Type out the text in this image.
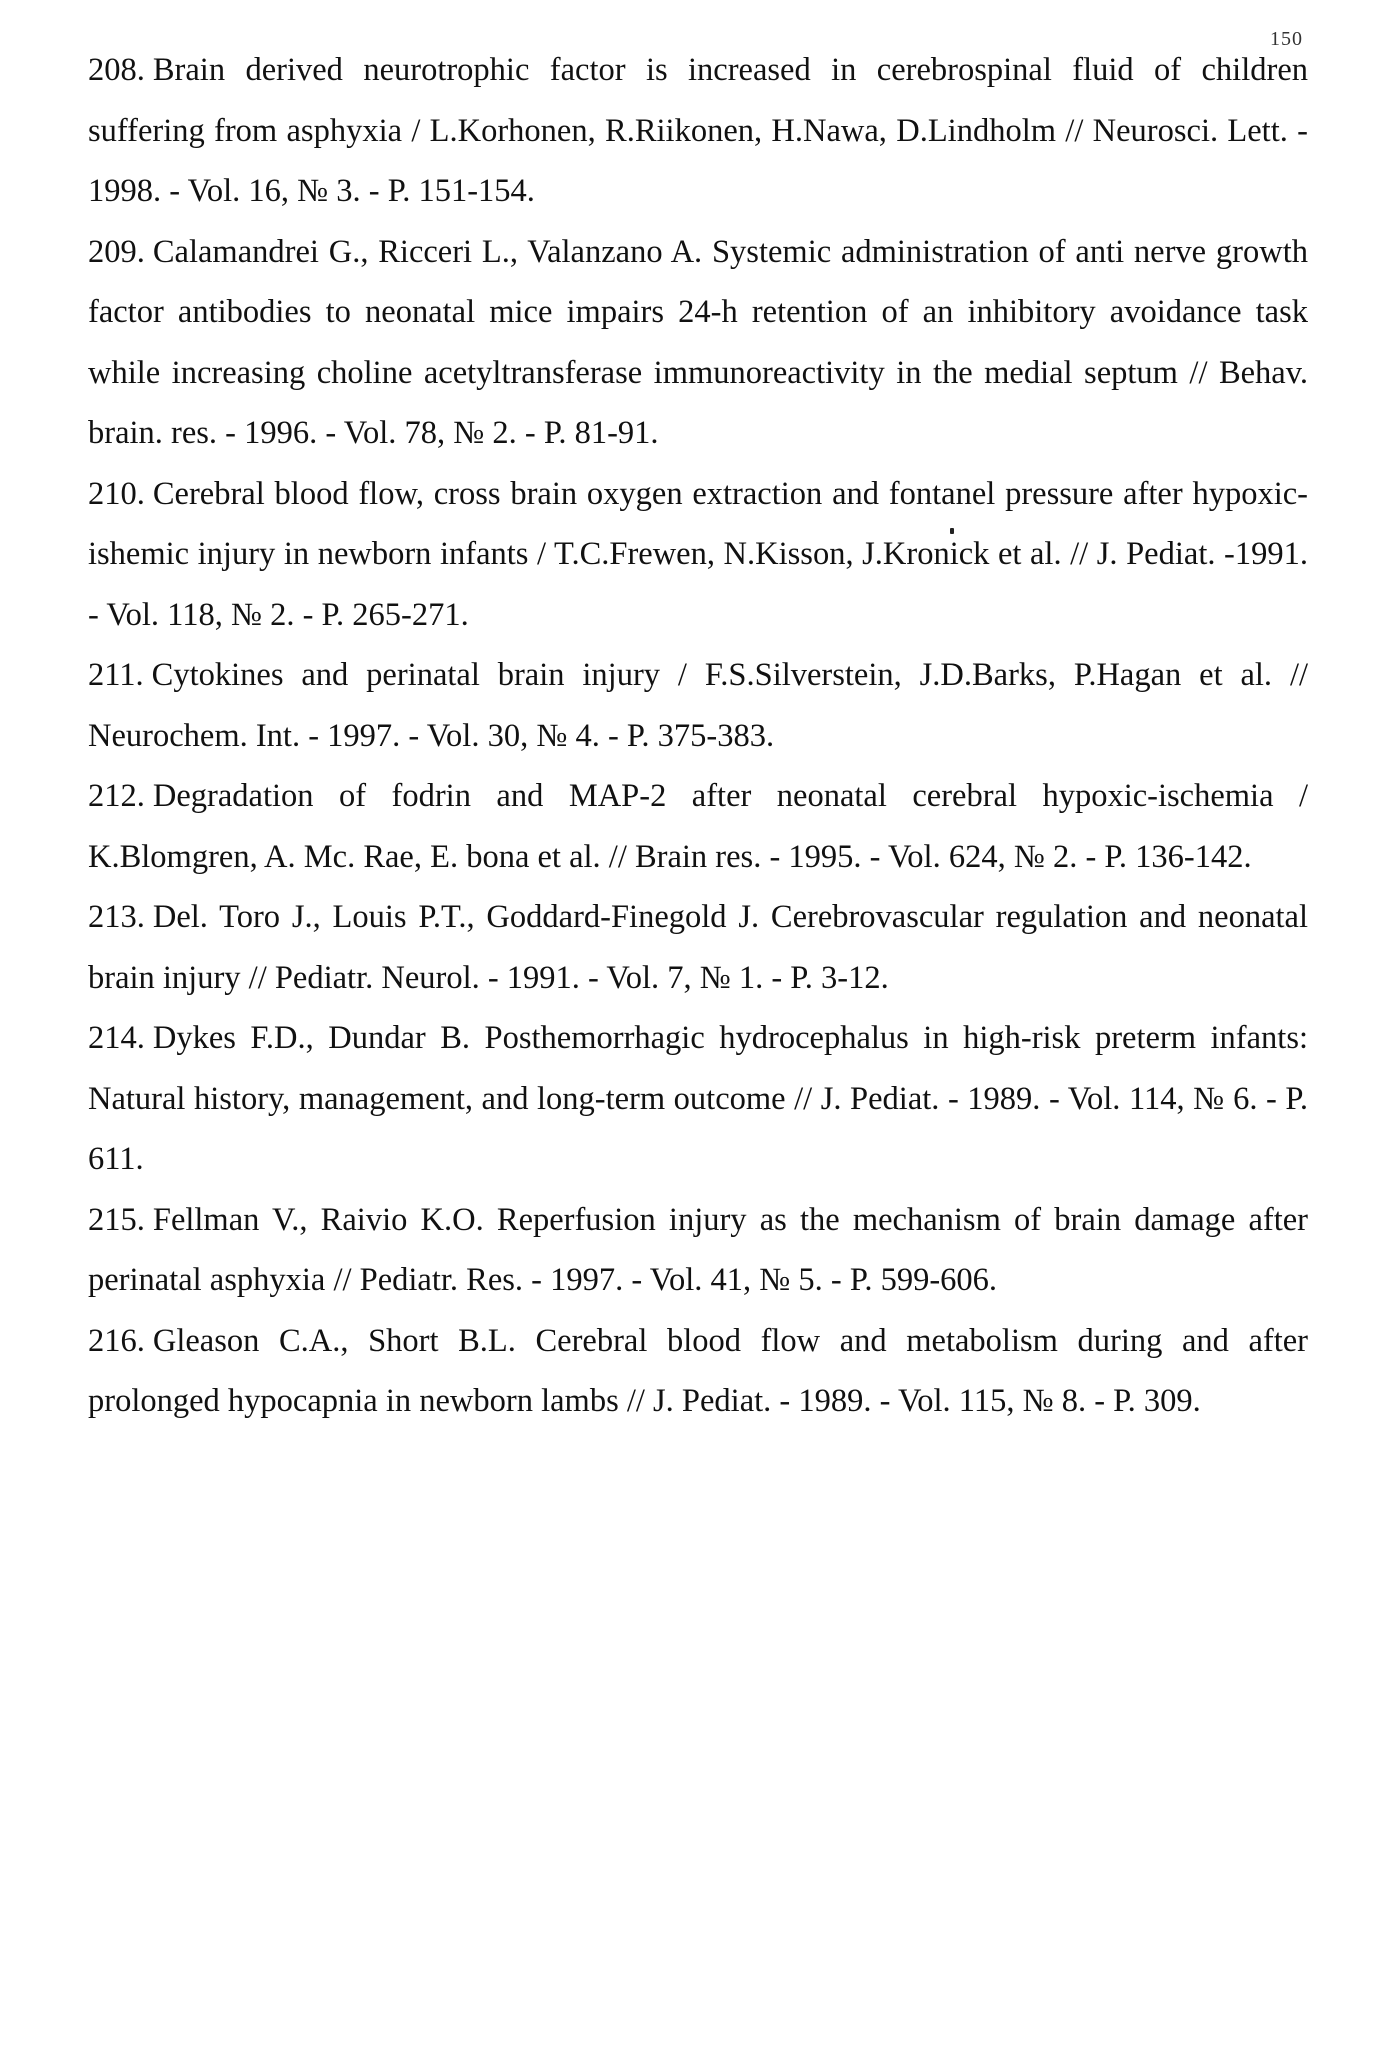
150
208. Brain derived neurotrophic factor is increased in cerebrospinal fluid of children suffering from asphyxia / L.Korhonen, R.Riikonen, H.Nawa, D.Lindholm // Neurosci. Lett. - 1998. - Vol. 16, № 3. - P. 151-154.
209. Calamandrei G., Ricceri L., Valanzano A. Systemic administration of anti nerve growth factor antibodies to neonatal mice impairs 24-h retention of an inhibitory avoidance task while increasing choline acetyltransferase immunoreactivity in the medial septum // Behav. brain. res. - 1996. - Vol. 78, № 2. - P. 81-91.
210. Cerebral blood flow, cross brain oxygen extraction and fontanel pressure after hypoxic-ishemic injury in newborn infants / T.C.Frewen, N.Kisson, J.Kronick et al. // J. Pediat. -1991. - Vol. 118, № 2. - P. 265-271.
211. Cytokines and perinatal brain injury / F.S.Silverstein, J.D.Barks, P.Hagan et al. // Neurochem. Int. - 1997. - Vol. 30, № 4. - P. 375-383.
212. Degradation of fodrin and MAP-2 after neonatal cerebral hypoxic-ischemia / K.Blomgren, A. Mc. Rae, E. bona et al. // Brain res. - 1995. - Vol. 624, № 2. - P. 136-142.
213. Del. Toro J., Louis P.T., Goddard-Finegold J. Cerebrovascular regulation and neonatal brain injury // Pediatr. Neurol. - 1991. - Vol. 7, № 1. - P. 3-12.
214. Dykes F.D., Dundar B. Posthemorrhagic hydrocephalus in high-risk preterm infants: Natural history, management, and long-term outcome // J. Pediat. - 1989. - Vol. 114, № 6. - P. 611.
215. Fellman V., Raivio K.O. Reperfusion injury as the mechanism of brain damage after perinatal asphyxia // Pediatr. Res. - 1997. - Vol. 41, № 5. - P. 599-606.
216. Gleason C.A., Short B.L. Cerebral blood flow and metabolism during and after prolonged hypocapnia in newborn lambs // J. Pediat. - 1989. - Vol. 115, № 8. - P. 309.
